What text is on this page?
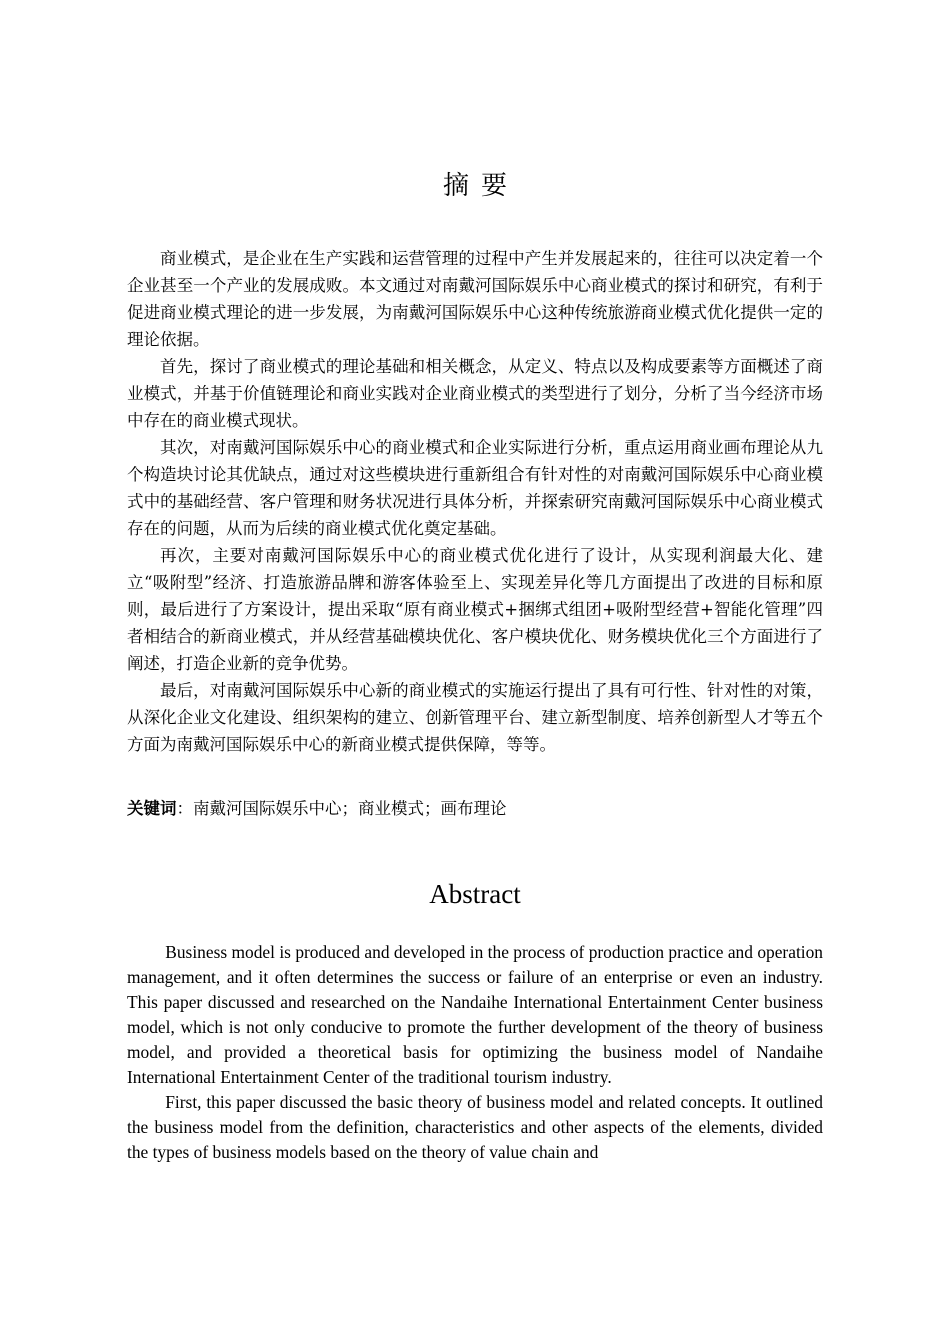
摘要

商业模式，是企业在生产实践和运营管理的过程中产生并发展起来的，往往可以决定着一个企业甚至一个产业的发展成败。本文通过对南戴河国际娱乐中心商业模式的探讨和研究，有利于促进商业模式理论的进一步发展，为南戴河国际娱乐中心这种传统旅游商业模式优化提供一定的理论依据。

首先，探讨了商业模式的理论基础和相关概念，从定义、特点以及构成要素等方面概述了商业模式，并基于价值链理论和商业实践对企业商业模式的类型进行了划分，分析了当今经济市场中存在的商业模式现状。

其次，对南戴河国际娱乐中心的商业模式和企业实际进行分析，重点运用商业画布理论从九个构造块讨论其优缺点，通过对这些模块进行重新组合有针对性的对南戴河国际娱乐中心商业模式中的基础经营、客户管理和财务状况进行具体分析，并探索研究南戴河国际娱乐中心商业模式存在的问题，从而为后续的商业模式优化奠定基础。

再次，主要对南戴河国际娱乐中心的商业模式优化进行了设计，从实现利润最大化、建立“吸附型”经济、打造旅游品牌和游客体验至上、实现差异化等几方面提出了改进的目标和原则，最后进行了方案设计，提出采取“原有商业模式+捆绑式组团+吸附型经营+智能化管理”四者相结合的新商业模式，并从经营基础模块优化、客户模块优化、财务模块优化三个方面进行了阐述，打造企业新的竞争优势。

最后，对南戴河国际娱乐中心新的商业模式的实施运行提出了具有可行性、针对性的对策，从深化企业文化建设、组织架构的建立、创新管理平台、建立新型制度、培养创新型人才等五个方面为南戴河国际娱乐中心的新商业模式提供保障，等等。

关键词：南戴河国际娱乐中心；商业模式；画布理论
Abstract

Business model is produced and developed in the process of production practice and operation management, and it often determines the success or failure of an enterprise or even an industry. This paper discussed and researched on the Nandaihe International Entertainment Center business model, which is not only conducive to promote the further development of the theory of business model, and provided a theoretical basis for optimizing the business model of Nandaihe International Entertainment Center of the traditional tourism industry.

First, this paper discussed the basic theory of business model and related concepts. It outlined the business model from the definition, characteristics and other aspects of the elements, divided the types of business models based on the theory of value chain and
